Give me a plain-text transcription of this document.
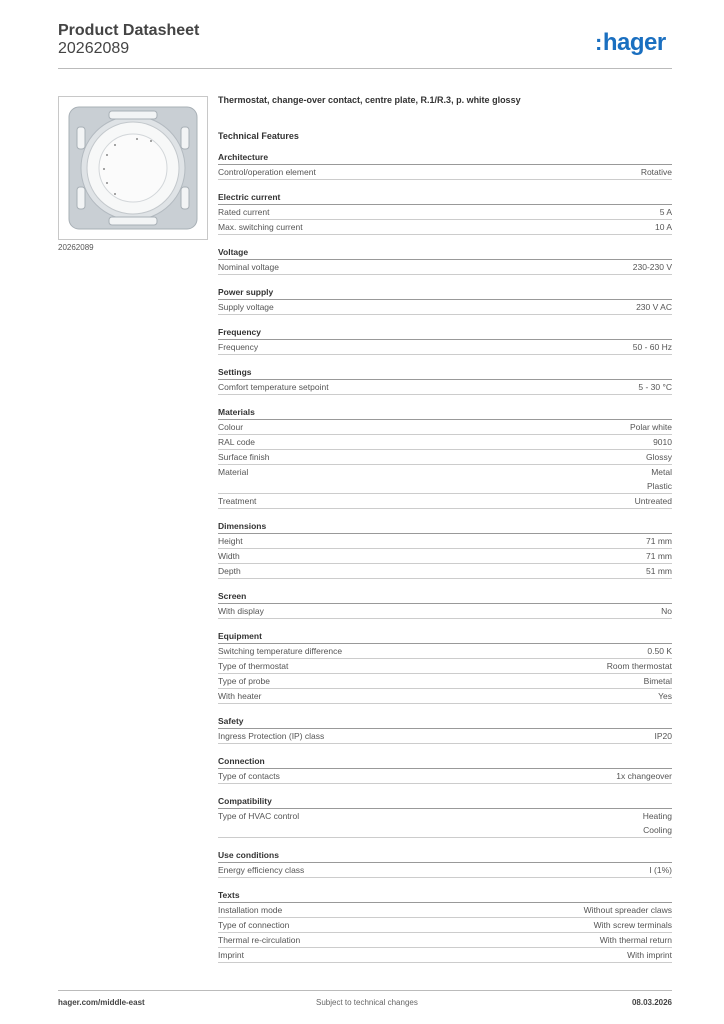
Product Datasheet
20262089	:hager
20262089
Thermostat, change-over contact, centre plate, R.1/R.3, p. white glossy
Technical Features
Architecture
Control/operation element	Rotative
Electric current
Rated current	5 A
Max. switching current	10 A
Voltage
Nominal voltage	230-230 V
Power supply
Supply voltage	230 V AC
Frequency
Frequency	50 - 60 Hz
Settings
Comfort temperature setpoint	5 - 30 °C
Materials
Colour	Polar white
RAL code	9010
Surface finish	Glossy
Material	Metal
Plastic
Treatment	Untreated
Dimensions
Height	71 mm
Width	71 mm
Depth	51 mm
Screen
With display	No
Equipment
Switching temperature difference	0.50 K
Type of thermostat	Room thermostat
Type of probe	Bimetal
With heater	Yes
Safety
Ingress Protection (IP) class	IP20
Connection
Type of contacts	1x changeover
Compatibility
Type of HVAC control	Heating
Cooling
Use conditions
Energy efficiency class	I (1%)
Texts
Installation mode	Without spreader claws
Type of connection	With screw terminals
Thermal re-circulation	With thermal return
Imprint	With imprint
hager.com/middle-east	Subject to technical changes	08.03.2026
